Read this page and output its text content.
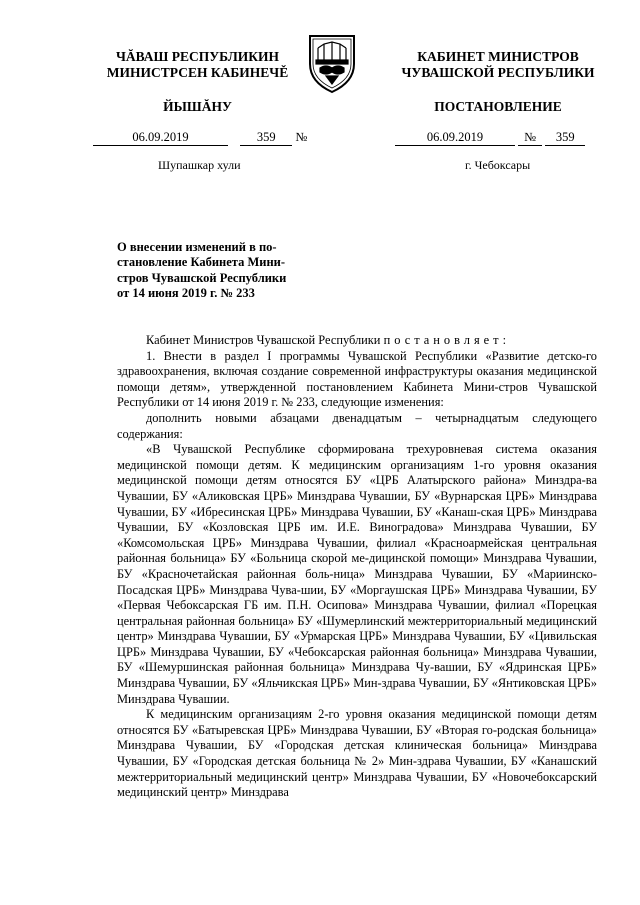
ЧĂВАШ РЕСПУБЛИКИН
МИНИСТРСЕН КАБИНЕЧĚ
ЙЫШĂНУ
КАБИНЕТ МИНИСТРОВ
ЧУВАШСКОЙ РЕСПУБЛИКИ
ПОСТАНОВЛЕНИЕ
06.09.2019	359 №	06.09.2019	№ 359
Шупашкар хули	г. Чебоксары

О внесении изменений в по-

становление Кабинета Мини-

стров Чувашской Республики

от 14 июня 2019 г. № 233

Кабинет Министров Чувашской Республики постановляет:

1. Внести в раздел I программы Чувашской Республики «Развитие детско-го здравоохранения, включая создание современной инфраструктуры оказания медицинской помощи детям», утвержденной постановлением Кабинета Мини-стров Чувашской Республики от 14 июня 2019 г. № 233, следующие изменения:

дополнить новыми абзацами двенадцатым – четырнадцатым следующего содержания:

«В Чувашской Республике сформирована трехуровневая система оказания медицинской помощи детям. К медицинским организациям 1-го уровня оказания медицинской помощи детям относятся БУ «ЦРБ Алатырского района» Минздра-ва Чувашии, БУ «Аликовская ЦРБ» Минздрава Чувашии, БУ «Вурнарская ЦРБ» Минздрава Чувашии, БУ «Ибресинская ЦРБ» Минздрава Чувашии, БУ «Канаш-ская ЦРБ» Минздрава Чувашии, БУ «Козловская ЦРБ им. И.Е. Виноградова» Минздрава Чувашии, БУ «Комсомольская ЦРБ» Минздрава Чувашии, филиал «Красноармейская центральная районная больница» БУ «Больница скорой ме-дицинской помощи» Минздрава Чувашии, БУ «Красночетайская районная боль-ница» Минздрава Чувашии, БУ «Мариинско-Посадская ЦРБ» Минздрава Чува-шии, БУ «Моргаушская ЦРБ» Минздрава Чувашии, БУ «Первая Чебоксарская ГБ им. П.Н. Осипова» Минздрава Чувашии, филиал «Порецкая центральная районная больница» БУ «Шумерлинский межтерриториальный медицинский центр» Минздрава Чувашии, БУ «Урмарская ЦРБ» Минздрава Чувашии, БУ «Цивильская ЦРБ» Минздрава Чувашии, БУ «Чебоксарская районная больница» Минздрава Чувашии, БУ «Шемуршинская районная больница» Минздрава Чу-вашии, БУ «Ядринская ЦРБ» Минздрава Чувашии, БУ «Яльчикская ЦРБ» Мин-здрава Чувашии, БУ «Янтиковская ЦРБ» Минздрава Чувашии.

К медицинским организациям 2-го уровня оказания медицинской помощи детям относятся БУ «Батыревская ЦРБ» Минздрава Чувашии, БУ «Вторая го-родская больница» Минздрава Чувашии, БУ «Городская детская клиническая больница» Минздрава Чувашии, БУ «Городская детская больница № 2» Мин-здрава Чувашии, БУ «Канашский межтерриториальный медицинский центр» Минздрава Чувашии, БУ «Новочебоксарский медицинский центр» Минздрава
